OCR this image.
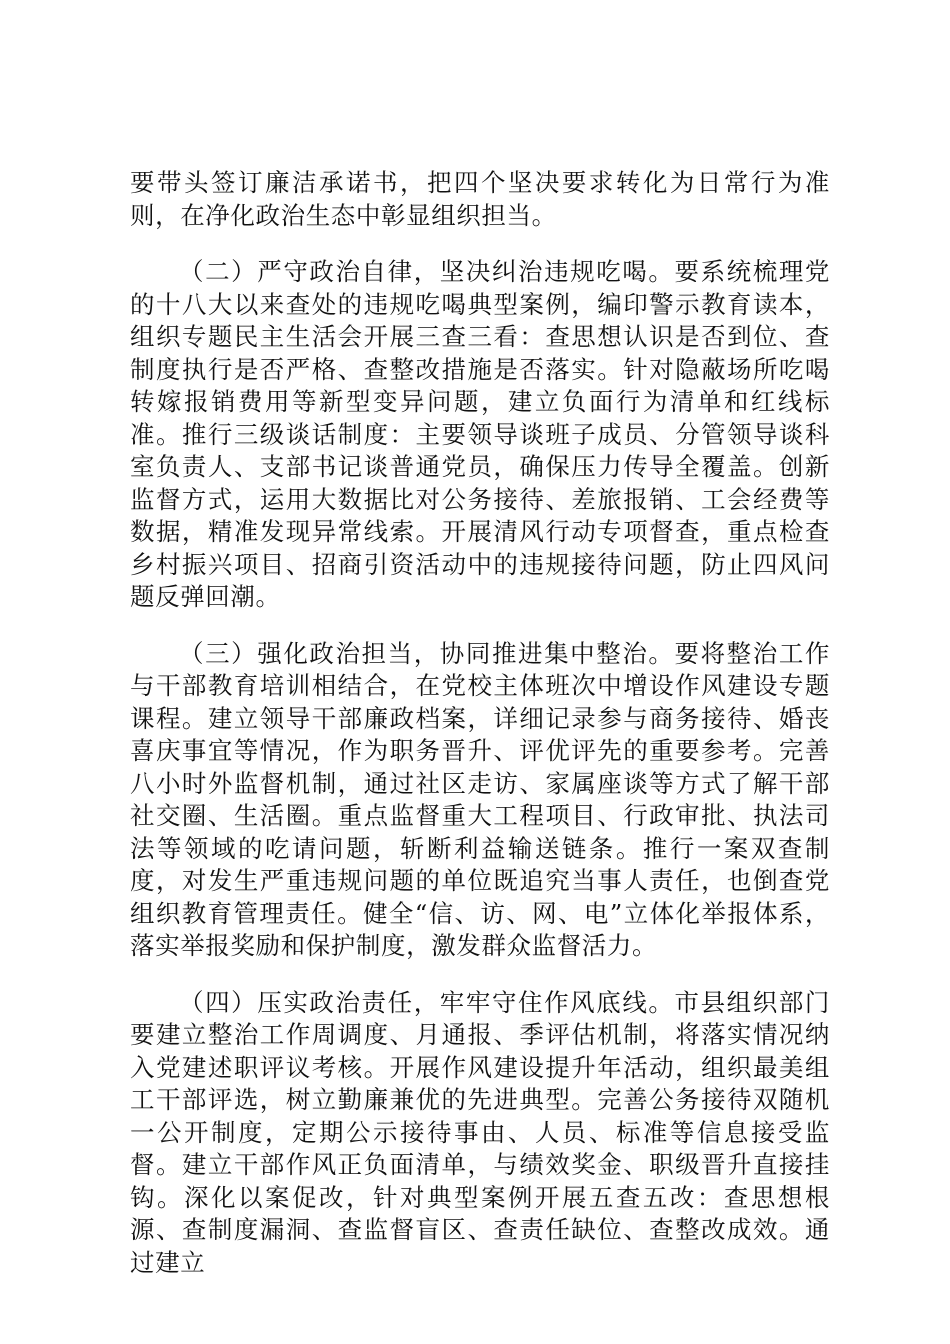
要带头签订廉洁承诺书，把四个坚决要求转化为日常行为准则，在净化政治生态中彰显组织担当。

（二）严守政治自律，坚决纠治违规吃喝。要系统梳理党的十八大以来查处的违规吃喝典型案例，编印警示教育读本，组织专题民主生活会开展三查三看：查思想认识是否到位、查制度执行是否严格、查整改措施是否落实。针对隐蔽场所吃喝转嫁报销费用等新型变异问题，建立负面行为清单和红线标准。推行三级谈话制度：主要领导谈班子成员、分管领导谈科室负责人、支部书记谈普通党员，确保压力传导全覆盖。创新监督方式，运用大数据比对公务接待、差旅报销、工会经费等数据，精准发现异常线索。开展清风行动专项督查，重点检查乡村振兴项目、招商引资活动中的违规接待问题，防止四风问题反弹回潮。

（三）强化政治担当，协同推进集中整治。要将整治工作与干部教育培训相结合，在党校主体班次中增设作风建设专题课程。建立领导干部廉政档案，详细记录参与商务接待、婚丧喜庆事宜等情况，作为职务晋升、评优评先的重要参考。完善八小时外监督机制，通过社区走访、家属座谈等方式了解干部社交圈、生活圈。重点监督重大工程项目、行政审批、执法司法等领域的吃请问题，斩断利益输送链条。推行一案双查制度，对发生严重违规问题的单位既追究当事人责任，也倒查党组织教育管理责任。健全“信、访、网、电”立体化举报体系，落实举报奖励和保护制度，激发群众监督活力。

（四）压实政治责任，牢牢守住作风底线。市县组织部门要建立整治工作周调度、月通报、季评估机制，将落实情况纳入党建述职评议考核。开展作风建设提升年活动，组织最美组工干部评选，树立勤廉兼优的先进典型。完善公务接待双随机一公开制度，定期公示接待事由、人员、标准等信息接受监督。建立干部作风正负面清单，与绩效奖金、职级晋升直接挂钩。深化以案促改，针对典型案例开展五查五改：查思想根源、查制度漏洞、查监督盲区、查责任缺位、查整改成效。通过建立
